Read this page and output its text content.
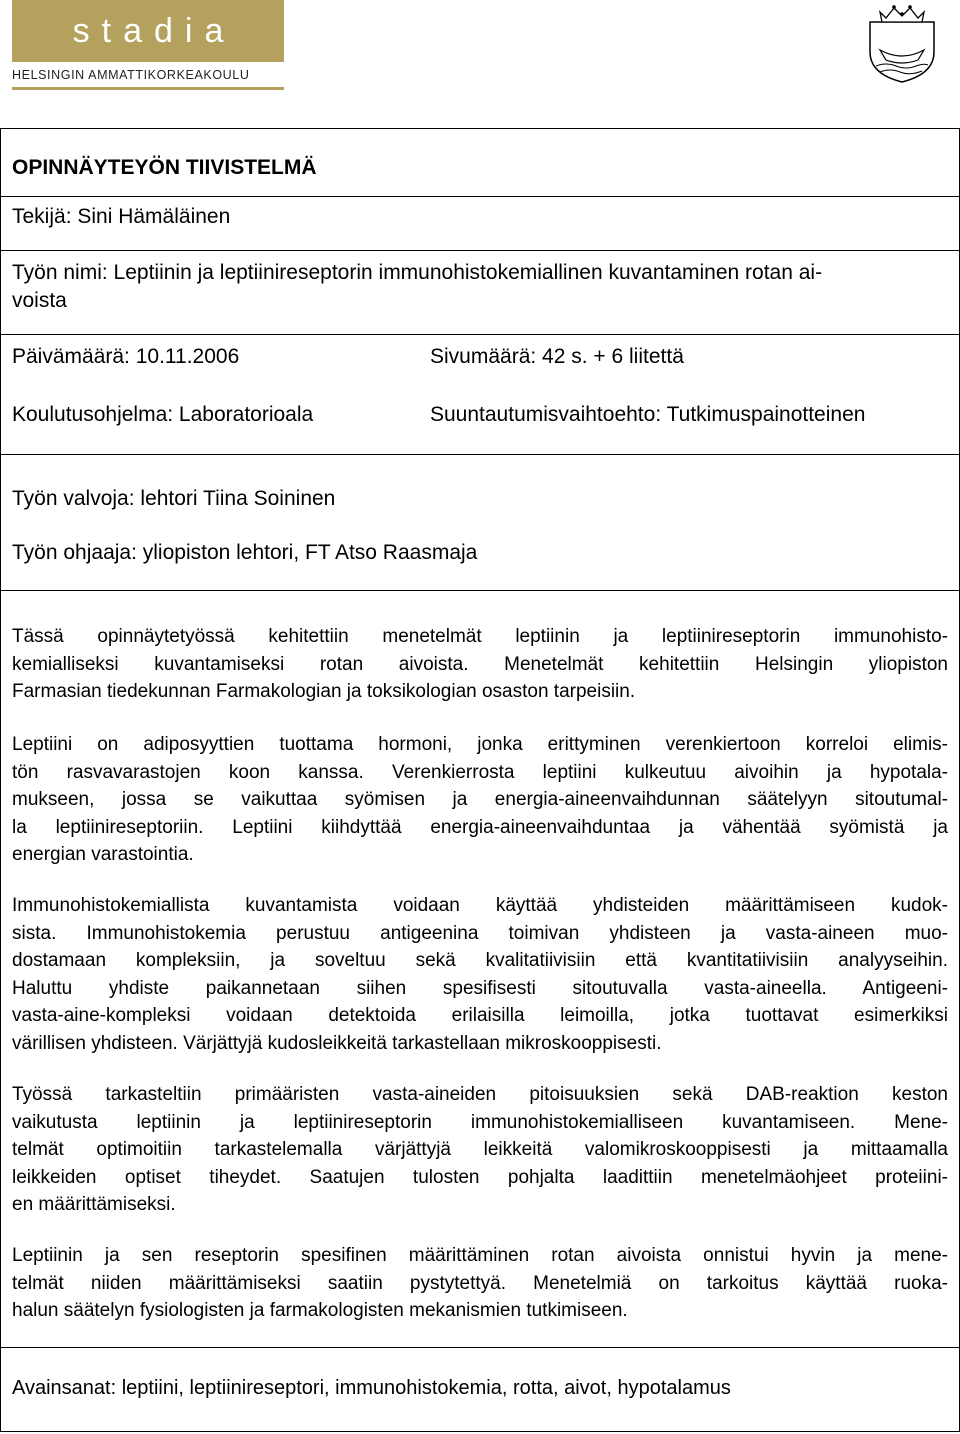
stadia
HELSINGIN AMMATTIKORKEAKOULU
OPINNÄYTEYÖN TIIVISTELMÄ
Tekijä: Sini Hämäläinen
Työn nimi: Leptiinin ja leptiinireseptorin immunohistokemiallinen kuvantaminen rotan ai-
voista
Päivämäärä: 10.11.2006	Sivumäärä: 42 s. + 6 liitettä
Koulutusohjelma: Laboratorioala	Suuntautumisvaihtoehto: Tutkimuspainotteinen
Työn valvoja: lehtori Tiina Soininen
Työn ohjaaja: yliopiston lehtori, FT Atso Raasmaja
Tässä opinnäytetyössä kehitettiin menetelmät leptiinin ja leptiinireseptorin immunohisto-
kemialliseksi kuvantamiseksi rotan aivoista. Menetelmät kehitettiin Helsingin yliopiston
Farmasian tiedekunnan Farmakologian ja toksikologian osaston tarpeisiin.
Leptiini on adiposyyttien tuottama hormoni, jonka erittyminen verenkiertoon korreloi elimis-
tön rasvavarastojen koon kanssa. Verenkierrosta leptiini kulkeutuu aivoihin ja hypotala-
mukseen, jossa se vaikuttaa syömisen ja energia-aineenvaihdunnan säätelyyn sitoutumal-
la leptiinireseptoriin. Leptiini kiihdyttää energia-aineenvaihduntaa ja vähentää syömistä ja
energian varastointia.
Immunohistokemiallista kuvantamista voidaan käyttää yhdisteiden määrittämiseen kudok-
sista. Immunohistokemia perustuu antigeenina toimivan yhdisteen ja vasta-aineen muo-
dostamaan kompleksiin, ja soveltuu sekä kvalitatiivisiin että kvantitatiivisiin analyyseihin.
Haluttu yhdiste paikannetaan siihen spesifisesti sitoutuvalla vasta-aineella. Antigeeni-
vasta-aine-kompleksi voidaan detektoida erilaisilla leimoilla, jotka tuottavat esimerkiksi
värillisen yhdisteen. Värjättyjä kudosleikkeitä tarkastellaan mikroskooppisesti.
Työssä tarkasteltiin primääristen vasta-aineiden pitoisuuksien sekä DAB-reaktion keston
vaikutusta leptiinin ja leptiinireseptorin immunohistokemialliseen kuvantamiseen. Mene-
telmät optimoitiin tarkastelemalla värjättyjä leikkeitä valomikroskooppisesti ja mittaamalla
leikkeiden optiset tiheydet. Saatujen tulosten pohjalta laadittiin menetelmäohjeet proteiini-
en määrittämiseksi.
Leptiinin ja sen reseptorin spesifinen määrittäminen rotan aivoista onnistui hyvin ja mene-
telmät niiden määrittämiseksi saatiin pystytettyä. Menetelmiä on tarkoitus käyttää ruoka-
halun säätelyn fysiologisten ja farmakologisten mekanismien tutkimiseen.
Avainsanat: leptiini, leptiinireseptori, immunohistokemia, rotta, aivot, hypotalamus
